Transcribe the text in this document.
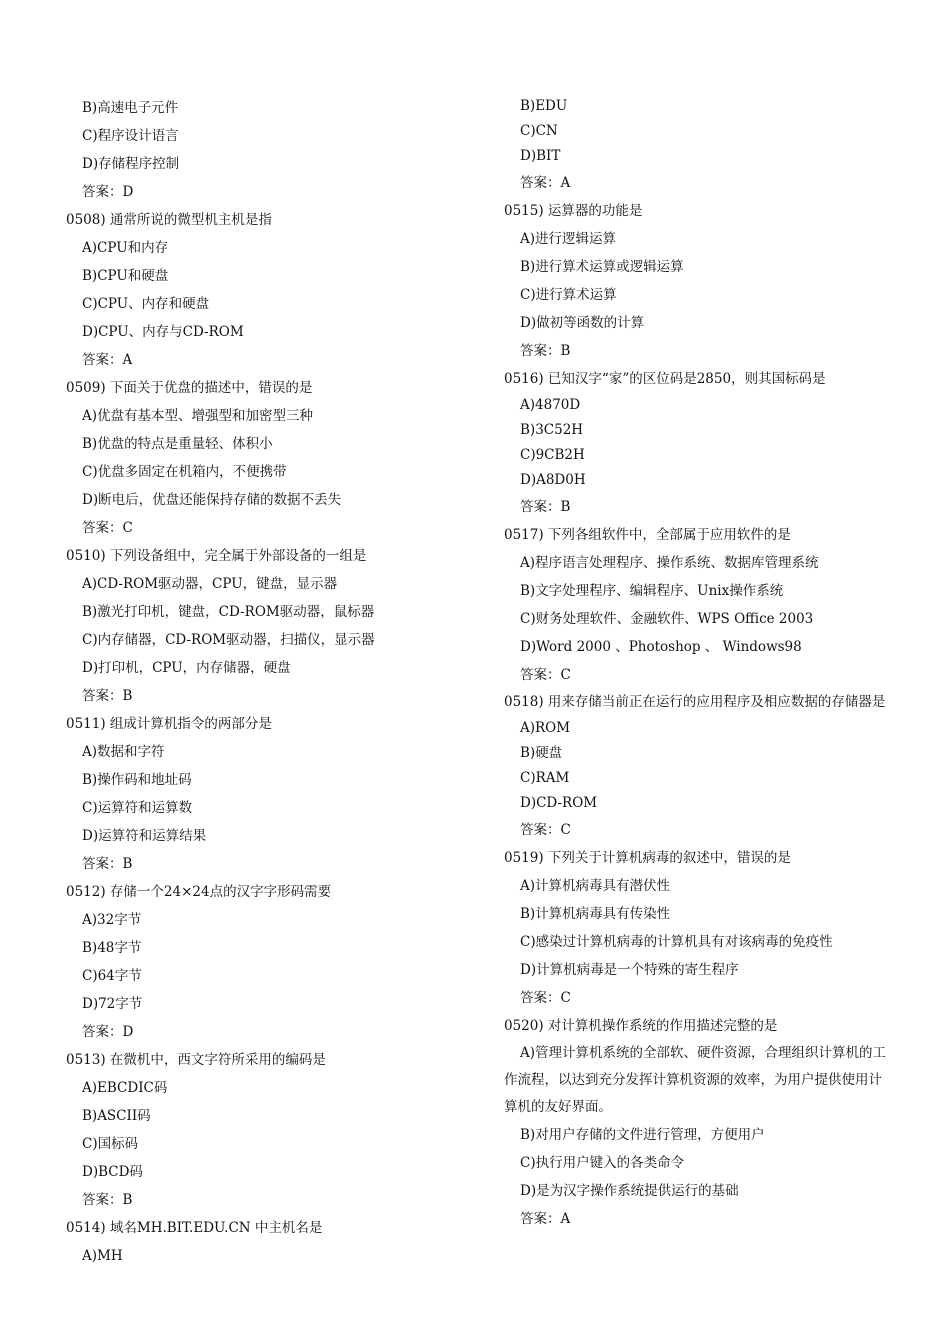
B)高速电子元件
C)程序设计语言
D)存储程序控制
答案：D
0508) 通常所说的微型机主机是指
A)CPU和内存
B)CPU和硬盘
C)CPU、内存和硬盘
D)CPU、内存与CD-ROM
答案：A
0509) 下面关于优盘的描述中，错误的是
A)优盘有基本型、增强型和加密型三种
B)优盘的特点是重量轻、体积小
C)优盘多固定在机箱内，不便携带
D)断电后，优盘还能保持存储的数据不丢失
答案：C
0510) 下列设备组中，完全属于外部设备的一组是
A)CD-ROM驱动器，CPU，键盘，显示器
B)激光打印机，键盘，CD-ROM驱动器，鼠标器
C)内存储器，CD-ROM驱动器，扫描仪，显示器
D)打印机，CPU，内存储器，硬盘
答案：B
0511) 组成计算机指令的两部分是
A)数据和字符
B)操作码和地址码
C)运算符和运算数
D)运算符和运算结果
答案：B
0512) 存储一个24×24点的汉字字形码需要
A)32字节
B)48字节
C)64字节
D)72字节
答案：D
0513) 在微机中，西文字符所采用的编码是
A)EBCDIC码
B)ASCII码
C)国标码
D)BCD码
答案：B
0514) 域名MH.BIT.EDU.CN 中主机名是
A)MH
B)EDU
C)CN
D)BIT
答案：A
0515) 运算器的功能是
A)进行逻辑运算
B)进行算术运算或逻辑运算
C)进行算术运算
D)做初等函数的计算
答案：B
0516) 已知汉字“家”的区位码是2850，则其国标码是
A)4870D
B)3C52H
C)9CB2H
D)A8D0H
答案：B
0517) 下列各组软件中，全部属于应用软件的是
A)程序语言处理程序、操作系统、数据库管理系统
B)文字处理程序、编辑程序、Unix操作系统
C)财务处理软件、金融软件、WPS Office 2003
D)Word 2000 、Photoshop 、 Windows98
答案：C
0518) 用来存储当前正在运行的应用程序及相应数据的存储器是
A)ROM
B)硬盘
C)RAM
D)CD-ROM
答案：C
0519) 下列关于计算机病毒的叙述中，错误的是
A)计算机病毒具有潜伏性
B)计算机病毒具有传染性
C)感染过计算机病毒的计算机具有对该病毒的免疫性
D)计算机病毒是一个特殊的寄生程序
答案：C
0520) 对计算机操作系统的作用描述完整的是
A)管理计算机系统的全部软、硬件资源，合理组织计算机的工作流程，以达到充分发挥计算机资源的效率，为用户提供使用计算机的友好界面。
B)对用户存储的文件进行管理，方便用户
C)执行用户键入的各类命令
D)是为汉字操作系统提供运行的基础
答案：A
